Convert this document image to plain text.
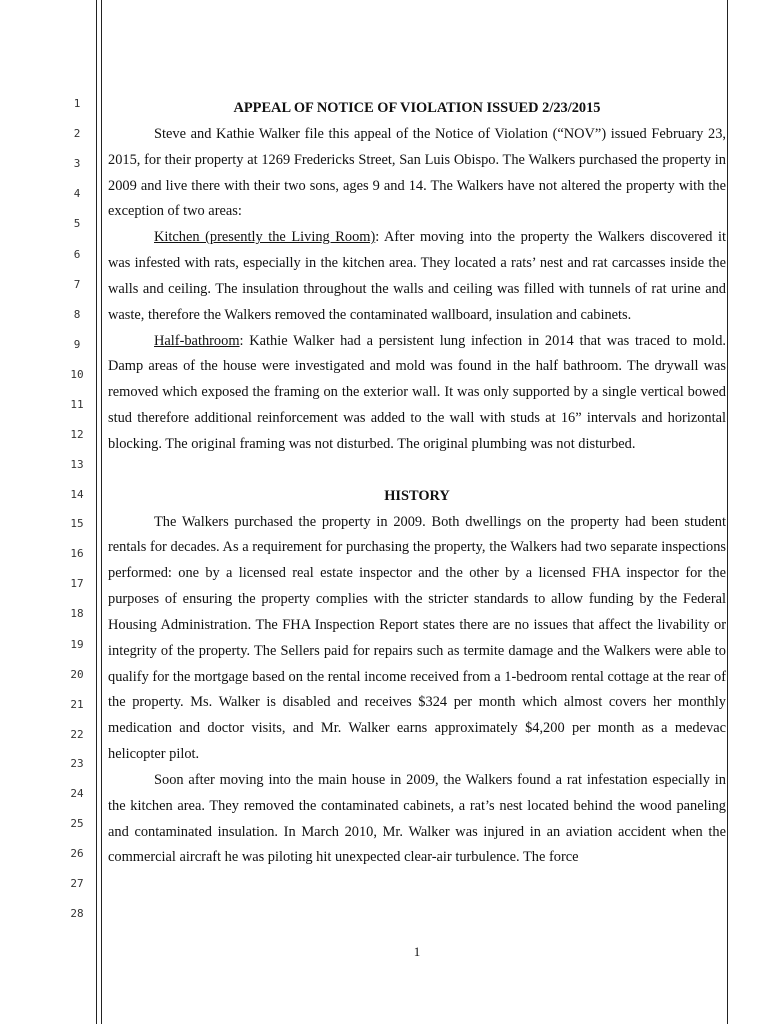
1
2
3
4
5
6
7
8
9
10
11
12
13
14
15
16
17
18
19
20
21
22
23
24
25
26
27
28

APPEAL OF NOTICE OF VIOLATION ISSUED 2/23/2015

Steve and Kathie Walker file this appeal of the Notice of Violation (“NOV”) issued February 23, 2015, for their property at 1269 Fredericks Street, San Luis Obispo. The Walkers purchased the property in 2009 and live there with their two sons, ages 9 and 14. The Walkers have not altered the property with the exception of two areas:

Kitchen (presently the Living Room): After moving into the property the Walkers discovered it was infested with rats, especially in the kitchen area. They located a rats’ nest and rat carcasses inside the walls and ceiling. The insulation throughout the walls and ceiling was filled with tunnels of rat urine and waste, therefore the Walkers removed the contaminated wallboard, insulation and cabinets.

Half-bathroom: Kathie Walker had a persistent lung infection in 2014 that was traced to mold. Damp areas of the house were investigated and mold was found in the half bathroom. The drywall was removed which exposed the framing on the exterior wall. It was only supported by a single vertical bowed stud therefore additional reinforcement was added to the wall with studs at 16” intervals and horizontal blocking. The original framing was not disturbed. The original plumbing was not disturbed.

HISTORY

The Walkers purchased the property in 2009. Both dwellings on the property had been student rentals for decades. As a requirement for purchasing the property, the Walkers had two separate inspections performed: one by a licensed real estate inspector and the other by a licensed FHA inspector for the purposes of ensuring the property complies with the stricter standards to allow funding by the Federal Housing Administration. The FHA Inspection Report states there are no issues that affect the livability or integrity of the property. The Sellers paid for repairs such as termite damage and the Walkers were able to qualify for the mortgage based on the rental income received from a 1-bedroom rental cottage at the rear of the property. Ms. Walker is disabled and receives $324 per month which almost covers her monthly medication and doctor visits, and Mr. Walker earns approximately $4,200 per month as a medevac helicopter pilot.

Soon after moving into the main house in 2009, the Walkers found a rat infestation especially in the kitchen area. They removed the contaminated cabinets, a rat’s nest located behind the wood paneling and contaminated insulation. In March 2010, Mr. Walker was injured in an aviation accident when the commercial aircraft he was piloting hit unexpected clear-air turbulence. The force

1
